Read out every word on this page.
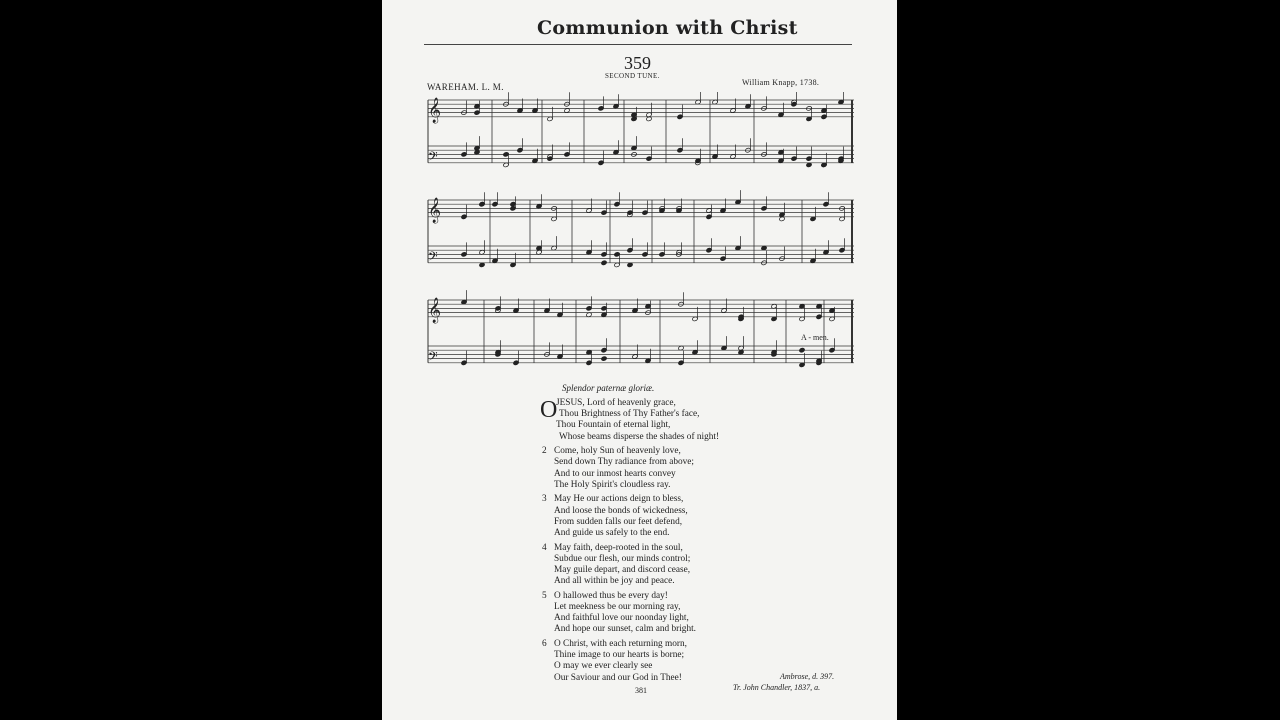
Communion with Christ
359
SECOND TUNE.
WAREHAM. L. M.	William Knapp, 1738.
𝄞
𝄢
𝄞
𝄢
𝄞
𝄢
A - men.
Splendor paternæ gloriæ.
O
JESUS, Lord of heavenly grace,
Thou Brightness of Thy Father's face,
Thou Fountain of eternal light,
Whose beams disperse the shades of night!
2 Come, holy Sun of heavenly love,
Send down Thy radiance from above;
And to our inmost hearts convey
The Holy Spirit's cloudless ray.
3 May He our actions deign to bless,
And loose the bonds of wickedness,
From sudden falls our feet defend,
And guide us safely to the end.
4 May faith, deep-rooted in the soul,
Subdue our flesh, our minds control;
May guile depart, and discord cease,
And all within be joy and peace.
5 O hallowed thus be every day!
Let meekness be our morning ray,
And faithful love our noonday light,
And hope our sunset, calm and bright.
6 O Christ, with each returning morn,
Thine image to our hearts is borne;
O may we ever clearly see
Our Saviour and our God in Thee!	Ambrose, d. 397.
381	Tr. John Chandler, 1837, a.
